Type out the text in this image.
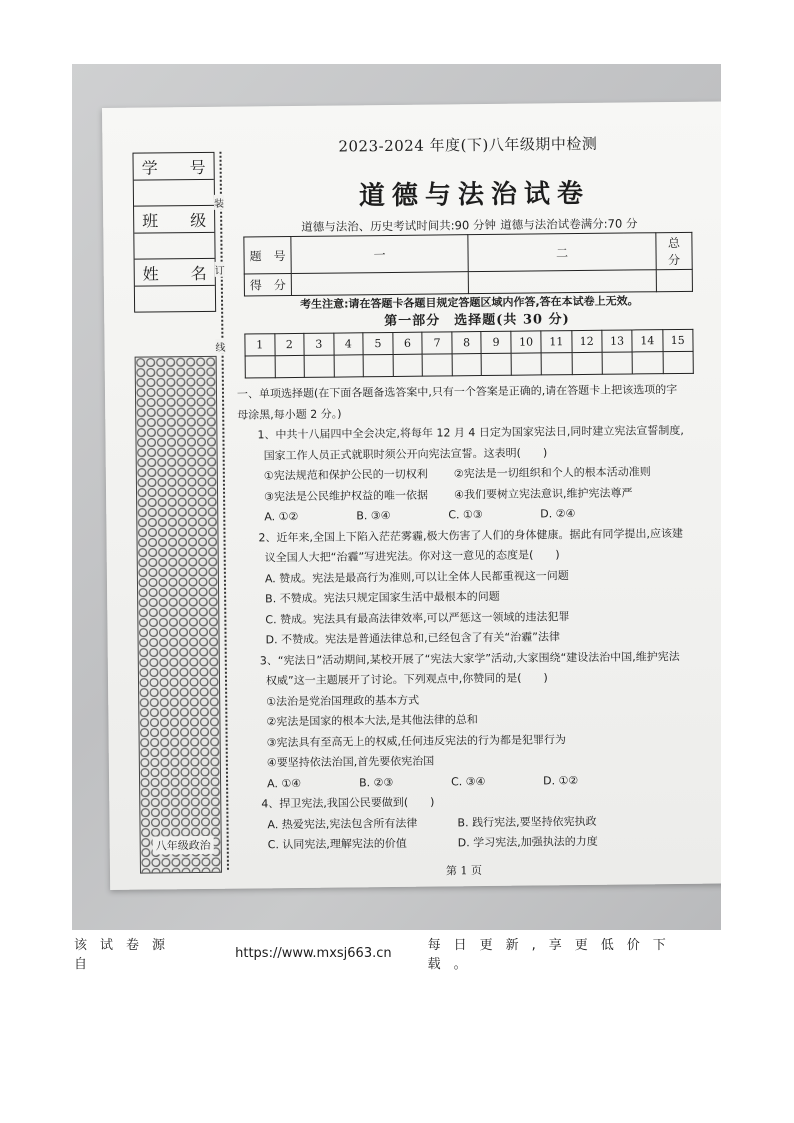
学 号
班 级
姓 名
八年级政治
装
订
线
2023-2024 年度(下)八年级期中检测
道德与法治试卷
道德与法治、历史考试时间共:90 分钟 道德与法治试卷满分:70 分
题　号	一	二	总　分
得　分			
考生注意:请在答题卡各题目规定答题区域内作答,答在本试卷上无效。
第一部分　选择题(共 30 分)
1	2	3	4	5	6	7	8	9	10	11	12	13	14	15

一、单项选择题(在下面各题备选答案中,只有一个答案是正确的,请在答题卡上把该选项的字
母涂黑,每小题 2 分。)
1、中共十八届四中全会决定,将每年 12 月 4 日定为国家宪法日,同时建立宪法宣誓制度,
国家工作人员正式就职时须公开向宪法宣誓。这表明(　　)
①宪法规范和保护公民的一切权利	②宪法是一切组织和个人的根本活动准则
③宪法是公民维护权益的唯一依据	④我们要树立宪法意识,维护宪法尊严
A. ①②	B. ③④	C. ①③	D. ②④
2、近年来,全国上下陷入茫茫雾霾,极大伤害了人们的身体健康。据此有同学提出,应该建
议全国人大把“治霾”写进宪法。你对这一意见的态度是(　　)
A. 赞成。宪法是最高行为准则,可以让全体人民都重视这一问题
B. 不赞成。宪法只规定国家生活中最根本的问题
C. 赞成。宪法具有最高法律效率,可以严惩这一领域的违法犯罪
D. 不赞成。宪法是普通法律总和,已经包含了有关“治霾”法律
3、“宪法日”活动期间,某校开展了“宪法大家学”活动,大家围绕“建设法治中国,维护宪法
权威”这一主题展开了讨论。下列观点中,你赞同的是(　　)
①法治是党治国理政的基本方式
②宪法是国家的根本大法,是其他法律的总和
③宪法具有至高无上的权威,任何违反宪法的行为都是犯罪行为
④要坚持依法治国,首先要依宪治国
A. ①④	B. ②③	C. ③④	D. ①②
4、捍卫宪法,我国公民要做到(　　)
A. 热爱宪法,宪法包含所有法律	B. 践行宪法,要坚持依宪执政
C. 认同宪法,理解宪法的价值	D. 学习宪法,加强执法的力度
第 1 页
该试卷源自
https://www.mxsj663.cn	每日更新,享更低价下载。
